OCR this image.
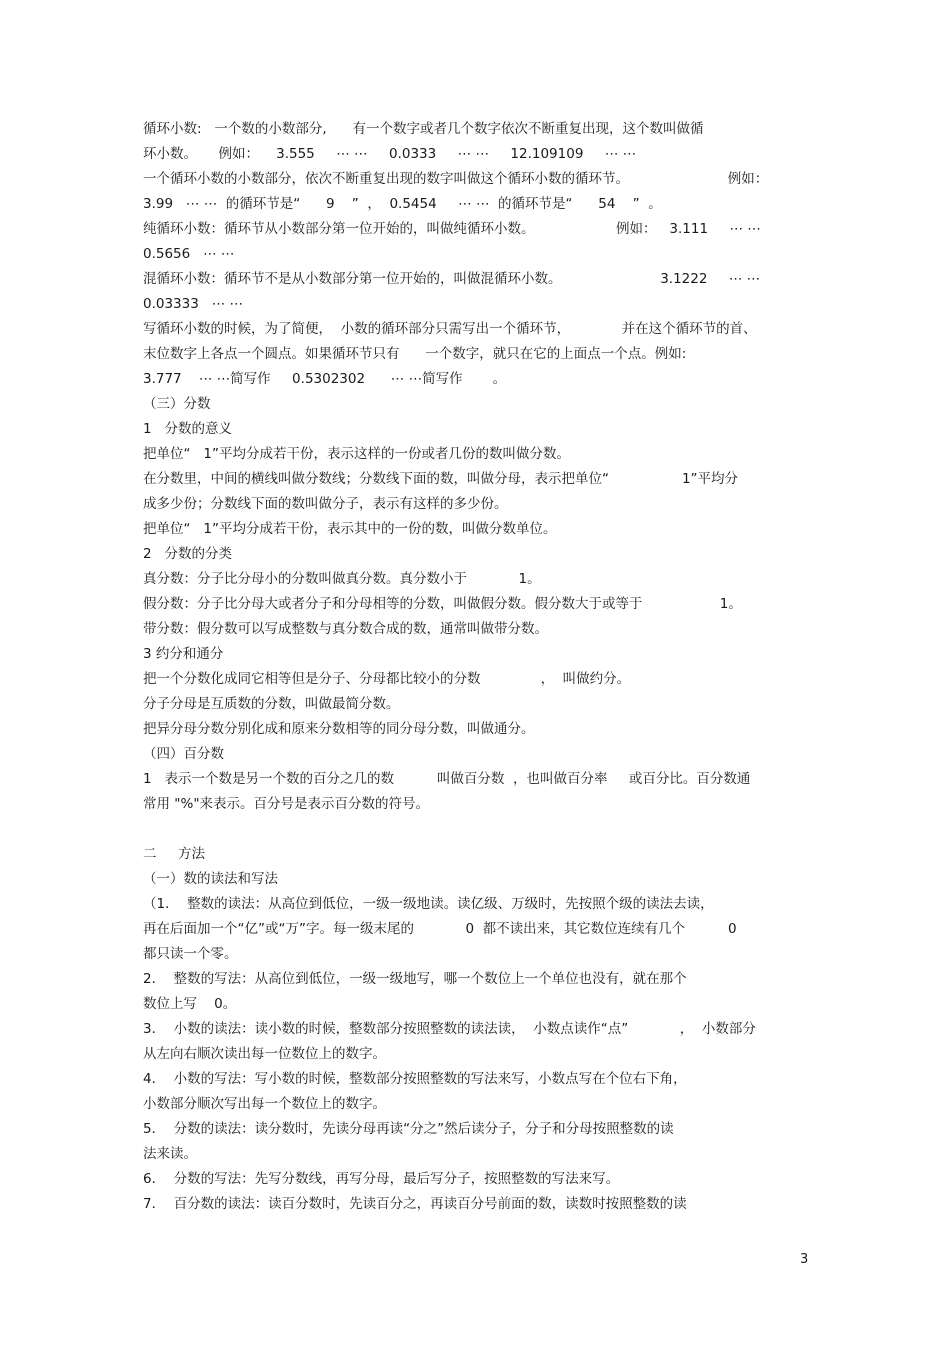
循环小数:   一个数的小数部分,      有一个数字或者几个数字依次不断重复出现，这个数叫做循
环小数。     例如：    3.555     ⋯ ⋯     0.0333     ⋯ ⋯     12.109109     ⋯ ⋯
一个循环小数的小数部分，依次不断重复出现的数字叫做这个循环小数的循环节。                       例如：
3.99   ⋯ ⋯  的循环节是“      9    ”  ，  0.5454     ⋯ ⋯  的循环节是“      54    ”  。
纯循环小数：循环节从小数部分第一位开始的，叫做纯循环小数。                   例如：   3.111     ⋯ ⋯
0.5656   ⋯ ⋯
混循环小数：循环节不是从小数部分第一位开始的，叫做混循环小数。                       3.1222     ⋯ ⋯
0.03333   ⋯ ⋯
写循环小数的时候，为了简便，  小数的循环部分只需写出一个循环节，            并在这个循环节的首、
末位数字上各点一个圆点。如果循环节只有      一个数字，就只在它的上面点一个点。例如:
3.777    ⋯ ⋯简写作     0.5302302      ⋯ ⋯简写作       。
（三）分数
1   分数的意义
把单位“   1”平均分成若干份，表示这样的一份或者几份的数叫做分数。
在分数里，中间的横线叫做分数线；分数线下面的数，叫做分母，表示把单位“                 1”平均分
成多少份；分数线下面的数叫做分子，表示有这样的多少份。
把单位“   1”平均分成若干份，表示其中的一份的数，叫做分数单位。
2   分数的分类
真分数：分子比分母小的分数叫做真分数。真分数小于            1。
假分数：分子比分母大或者分子和分母相等的分数，叫做假分数。假分数大于或等于                  1。
带分数：假分数可以写成整数与真分数合成的数，通常叫做带分数。
3 约分和通分
把一个分数化成同它相等但是分子、分母都比较小的分数              ，  叫做约分。
分子分母是互质数的分数，叫做最简分数。
把异分母分数分别化成和原来分数相等的同分母分数，叫做通分。
（四）百分数
1   表示一个数是另一个数的百分之几的数          叫做百分数  ，也叫做百分率     或百分比。百分数通
常用 "%"来表示。百分号是表示百分数的符号。
二     方法
（一）数的读法和写法
（1．  整数的读法：从高位到低位，一级一级地读。读亿级、万级时，先按照个级的读法去读，
再在后面加一个“亿”或“万”字。每一级末尾的            0  都不读出来，其它数位连续有几个          0
都只读一个零。
2．  整数的写法：从高位到低位，一级一级地写，哪一个数位上一个单位也没有，就在那个
数位上写    0。
3．  小数的读法：读小数的时候，整数部分按照整数的读法读，  小数点读作“点”            ，  小数部分
从左向右顺次读出每一位数位上的数字。
4．  小数的写法：写小数的时候，整数部分按照整数的写法来写，小数点写在个位右下角，
小数部分顺次写出每一个数位上的数字。
5．  分数的读法：读分数时，先读分母再读“分之”然后读分子，分子和分母按照整数的读
法来读。
6．  分数的写法：先写分数线，再写分母，最后写分子，按照整数的写法来写。
7．  百分数的读法：读百分数时，先读百分之，再读百分号前面的数，读数时按照整数的读
3
